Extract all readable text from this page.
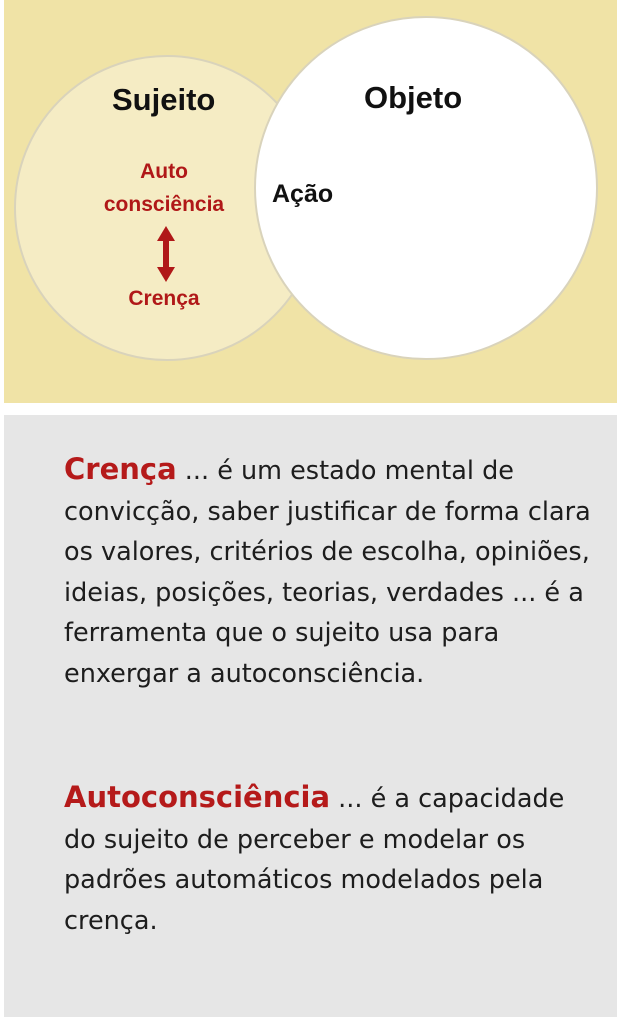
Sujeito	Objeto
Ação
Auto
consciência
Crença
Crença ... é um estado mental de convicção, saber justificar de forma clara os valores, critérios de escolha, opiniões, ideias, posições, teorias, verdades ... é a ferramenta que o sujeito usa para enxergar a autoconsciência.
Autoconsciência ... é a capacidade do sujeito de perceber e modelar os padrões automáticos modelados pela crença.
